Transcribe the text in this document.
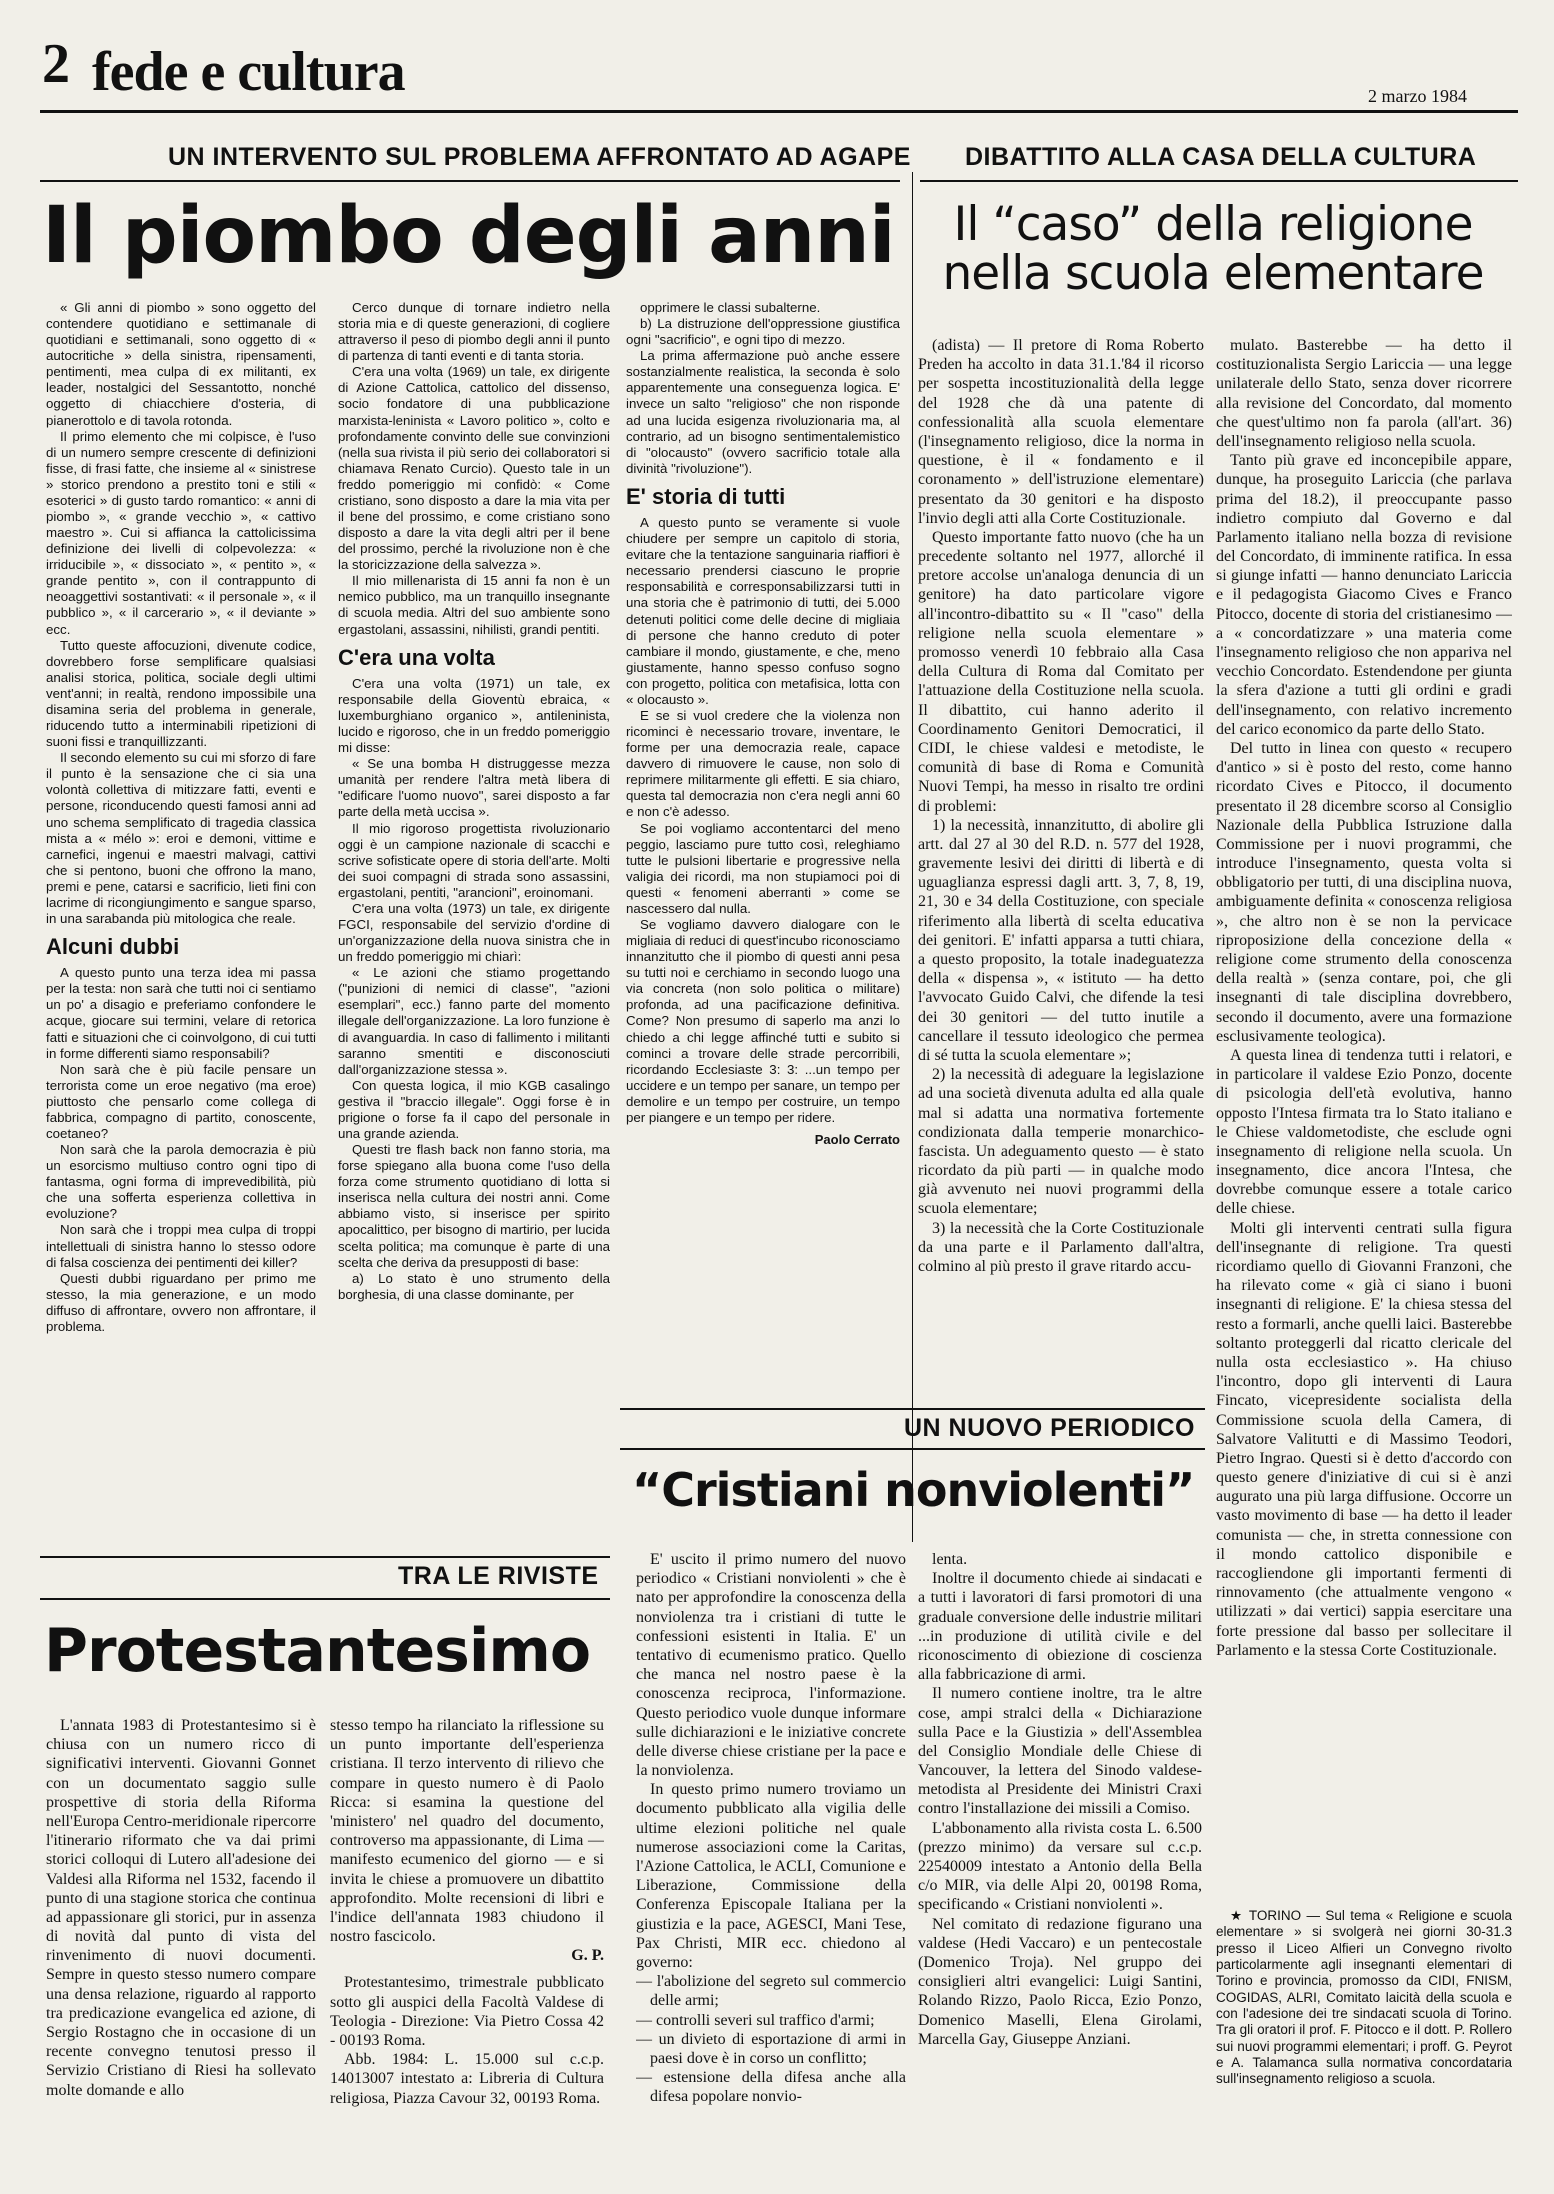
2 fede e cultura	2 marzo 1984
UN INTERVENTO SUL PROBLEMA AFFRONTATO AD AGAPE
Il piombo degli anni

« Gli anni di piombo » sono oggetto del contendere quotidiano e settimanale di quotidiani e settimanali, sono oggetto di « autocritiche » della sinistra, ripensamenti, pentimenti, mea culpa di ex militanti, ex leader, nostalgici del Sessantotto, nonché oggetto di chiacchiere d'osteria, di pianerottolo e di tavola rotonda.

Il primo elemento che mi colpisce, è l'uso di un numero sempre crescente di definizioni fisse, di frasi fatte, che insieme al « sinistrese » storico prendono a prestito toni e stili « esoterici » di gusto tardo romantico: « anni di piombo », « grande vecchio », « cattivo maestro ». Cui si affianca la cattolicissima definizione dei livelli di colpevolezza: « irriducibile », « dissociato », « pentito », « grande pentito », con il contrappunto di neoaggettivi sostantivati: « il personale », « il pubblico », « il carcerario », « il deviante » ecc.

Tutto queste affocuzioni, divenute codice, dovrebbero forse semplificare qualsiasi analisi storica, politica, sociale degli ultimi vent'anni; in realtà, rendono impossibile una disamina seria del problema in generale, riducendo tutto a interminabili ripetizioni di suoni fissi e tranquillizzanti.

Il secondo elemento su cui mi sforzo di fare il punto è la sensazione che ci sia una volontà collettiva di mitizzare fatti, eventi e persone, riconducendo questi famosi anni ad uno schema semplificato di tragedia classica mista a « mélo »: eroi e demoni, vittime e carnefici, ingenui e maestri malvagi, cattivi che si pentono, buoni che offrono la mano, premi e pene, catarsi e sacrificio, lieti fini con lacrime di ricongiungimento e sangue sparso, in una sarabanda più mitologica che reale.

Alcuni dubbi

A questo punto una terza idea mi passa per la testa: non sarà che tutti noi ci sentiamo un po' a disagio e preferiamo confondere le acque, giocare sui termini, velare di retorica fatti e situazioni che ci coinvolgono, di cui tutti in forme differenti siamo responsabili?

Non sarà che è più facile pensare un terrorista come un eroe negativo (ma eroe) piuttosto che pensarlo come collega di fabbrica, compagno di partito, conoscente, coetaneo?

Non sarà che la parola democrazia è più un esorcismo multiuso contro ogni tipo di fantasma, ogni forma di imprevedibilità, più che una sofferta esperienza collettiva in evoluzione?

Non sarà che i troppi mea culpa di troppi intellettuali di sinistra hanno lo stesso odore di falsa coscienza dei pentimenti dei killer?

Questi dubbi riguardano per primo me stesso, la mia generazione, e un modo diffuso di affrontare, ovvero non affrontare, il problema.

Cerco dunque di tornare indietro nella storia mia e di queste generazioni, di cogliere attraverso il peso di piombo degli anni il punto di partenza di tanti eventi e di tanta storia.

C'era una volta (1969) un tale, ex dirigente di Azione Cattolica, cattolico del dissenso, socio fondatore di una pubblicazione marxista-leninista « Lavoro politico », colto e profondamente convinto delle sue convinzioni (nella sua rivista il più serio dei collaboratori si chiamava Renato Curcio). Questo tale in un freddo pomeriggio mi confidò: « Come cristiano, sono disposto a dare la mia vita per il bene del prossimo, e come cristiano sono disposto a dare la vita degli altri per il bene del prossimo, perché la rivoluzione non è che la storicizzazione della salvezza ».

Il mio millenarista di 15 anni fa non è un nemico pubblico, ma un tranquillo insegnante di scuola media. Altri del suo ambiente sono ergastolani, assassini, nihilisti, grandi pentiti.

C'era una volta

C'era una volta (1971) un tale, ex responsabile della Gioventù ebraica, « luxemburghiano organico », antileninista, lucido e rigoroso, che in un freddo pomeriggio mi disse:

« Se una bomba H distruggesse mezza umanità per rendere l'altra metà libera di "edificare l'uomo nuovo", sarei disposto a far parte della metà uccisa ».

Il mio rigoroso progettista rivoluzionario oggi è un campione nazionale di scacchi e scrive sofisticate opere di storia dell'arte. Molti dei suoi compagni di strada sono assassini, ergastolani, pentiti, "arancioni", eroinomani.

C'era una volta (1973) un tale, ex dirigente FGCI, responsabile del servizio d'ordine di un'organizzazione della nuova sinistra che in un freddo pomeriggio mi chiarì:

« Le azioni che stiamo progettando ("punizioni di nemici di classe", "azioni esemplari", ecc.) fanno parte del momento illegale dell'organizzazione. La loro funzione è di avanguardia. In caso di fallimento i militanti saranno smentiti e disconosciuti dall'organizzazione stessa ».

Con questa logica, il mio KGB casalingo gestiva il "braccio illegale". Oggi forse è in prigione o forse fa il capo del personale in una grande azienda.

Questi tre flash back non fanno storia, ma forse spiegano alla buona come l'uso della forza come strumento quotidiano di lotta si inserisca nella cultura dei nostri anni. Come abbiamo visto, si inserisce per spirito apocalittico, per bisogno di martirio, per lucida scelta politica; ma comunque è parte di una scelta che deriva da presupposti di base:

a) Lo stato è uno strumento della borghesia, di una classe dominante, per

opprimere le classi subalterne.

b) La distruzione dell'oppressione giustifica ogni "sacrificio", e ogni tipo di mezzo.

La prima affermazione può anche essere sostanzialmente realistica, la seconda è solo apparentemente una conseguenza logica. E' invece un salto "religioso" che non risponde ad una lucida esigenza rivoluzionaria ma, al contrario, ad un bisogno sentimentalemistico di "olocausto" (ovvero sacrificio totale alla divinità "rivoluzione").

E' storia di tutti

A questo punto se veramente si vuole chiudere per sempre un capitolo di storia, evitare che la tentazione sanguinaria riaffiori è necessario prendersi ciascuno le proprie responsabilità e corresponsabilizzarsi tutti in una storia che è patrimonio di tutti, dei 5.000 detenuti politici come delle decine di migliaia di persone che hanno creduto di poter cambiare il mondo, giustamente, e che, meno giustamente, hanno spesso confuso sogno con progetto, politica con metafisica, lotta con « olocausto ».

E se si vuol credere che la violenza non ricominci è necessario trovare, inventare, le forme per una democrazia reale, capace davvero di rimuovere le cause, non solo di reprimere militarmente gli effetti. E sia chiaro, questa tal democrazia non c'era negli anni 60 e non c'è adesso.

Se poi vogliamo accontentarci del meno peggio, lasciamo pure tutto così, releghiamo tutte le pulsioni libertarie e progressive nella valigia dei ricordi, ma non stupiamoci poi di questi « fenomeni aberranti » come se nascessero dal nulla.

Se vogliamo davvero dialogare con le migliaia di reduci di quest'incubo riconosciamo innanzitutto che il piombo di questi anni pesa su tutti noi e cerchiamo in secondo luogo una via concreta (non solo politica o militare) profonda, ad una pacificazione definitiva. Come? Non presumo di saperlo ma anzi lo chiedo a chi legge affinché tutti e subito si cominci a trovare delle strade percorribili, ricordando Ecclesiaste 3: 3: ...un tempo per uccidere e un tempo per sanare, un tempo per demolire e un tempo per costruire, un tempo per piangere e un tempo per ridere.

Paolo Cerrato
DIBATTITO ALLA CASA DELLA CULTURA
Il “caso” della religione nella scuola elementare

(adista) — Il pretore di Roma Roberto Preden ha accolto in data 31.1.'84 il ricorso per sospetta incostituzionalità della legge del 1928 che dà una patente di confessionalità alla scuola elementare (l'insegnamento religioso, dice la norma in questione, è il « fondamento e il coronamento » dell'istruzione elementare) presentato da 30 genitori e ha disposto l'invio degli atti alla Corte Costituzionale.

Questo importante fatto nuovo (che ha un precedente soltanto nel 1977, allorché il pretore accolse un'analoga denuncia di un genitore) ha dato particolare vigore all'incontro-dibattito su « Il "caso" della religione nella scuola elementare » promosso venerdì 10 febbraio alla Casa della Cultura di Roma dal Comitato per l'attuazione della Costituzione nella scuola. Il dibattito, cui hanno aderito il Coordinamento Genitori Democratici, il CIDI, le chiese valdesi e metodiste, le comunità di base di Roma e Comunità Nuovi Tempi, ha messo in risalto tre ordini di problemi:

1) la necessità, innanzitutto, di abolire gli artt. dal 27 al 30 del R.D. n. 577 del 1928, gravemente lesivi dei diritti di libertà e di uguaglianza espressi dagli artt. 3, 7, 8, 19, 21, 30 e 34 della Costituzione, con speciale riferimento alla libertà di scelta educativa dei genitori. E' infatti apparsa a tutti chiara, a questo proposito, la totale inadeguatezza della « dispensa », « istituto — ha detto l'avvocato Guido Calvi, che difende la tesi dei 30 genitori — del tutto inutile a cancellare il tessuto ideologico che permea di sé tutta la scuola elementare »;

2) la necessità di adeguare la legislazione ad una società divenuta adulta ed alla quale mal si adatta una normativa fortemente condizionata dalla temperie monarchico-fascista. Un adeguamento questo — è stato ricordato da più parti — in qualche modo già avvenuto nei nuovi programmi della scuola elementare;

3) la necessità che la Corte Costituzionale da una parte e il Parlamento dall'altra, colmino al più presto il grave ritardo accu-

mulato. Basterebbe — ha detto il costituzionalista Sergio Lariccia — una legge unilaterale dello Stato, senza dover ricorrere alla revisione del Concordato, dal momento che quest'ultimo non fa parola (all'art. 36) dell'insegnamento religioso nella scuola.

Tanto più grave ed inconcepibile appare, dunque, ha proseguito Lariccia (che parlava prima del 18.2), il preoccupante passo indietro compiuto dal Governo e dal Parlamento italiano nella bozza di revisione del Concordato, di imminente ratifica. In essa si giunge infatti — hanno denunciato Lariccia e il pedagogista Giacomo Cives e Franco Pitocco, docente di storia del cristianesimo — a « concordatizzare » una materia come l'insegnamento religioso che non appariva nel vecchio Concordato. Estendendone per giunta la sfera d'azione a tutti gli ordini e gradi dell'insegnamento, con relativo incremento del carico economico da parte dello Stato.

Del tutto in linea con questo « recupero d'antico » si è posto del resto, come hanno ricordato Cives e Pitocco, il documento presentato il 28 dicembre scorso al Consiglio Nazionale della Pubblica Istruzione dalla Commissione per i nuovi programmi, che introduce l'insegnamento, questa volta si obbligatorio per tutti, di una disciplina nuova, ambiguamente definita « conoscenza religiosa », che altro non è se non la pervicace riproposizione della concezione della « religione come strumento della conoscenza della realtà » (senza contare, poi, che gli insegnanti di tale disciplina dovrebbero, secondo il documento, avere una formazione esclusivamente teologica).

A questa linea di tendenza tutti i relatori, e in particolare il valdese Ezio Ponzo, docente di psicologia dell'età evolutiva, hanno opposto l'Intesa firmata tra lo Stato italiano e le Chiese valdometodiste, che esclude ogni insegnamento di religione nella scuola. Un insegnamento, dice ancora l'Intesa, che dovrebbe comunque essere a totale carico delle chiese.

Molti gli interventi centrati sulla figura dell'insegnante di religione. Tra questi ricordiamo quello di Giovanni Franzoni, che ha rilevato come « già ci siano i buoni insegnanti di religione. E' la chiesa stessa del resto a formarli, anche quelli laici. Basterebbe soltanto proteggerli dal ricatto clericale del nulla osta ecclesiastico ». Ha chiuso l'incontro, dopo gli interventi di Laura Fincato, vicepresidente socialista della Commissione scuola della Camera, di Salvatore Valitutti e di Massimo Teodori, Pietro Ingrao. Questi si è detto d'accordo con questo genere d'iniziative di cui si è anzi augurato una più larga diffusione. Occorre un vasto movimento di base — ha detto il leader comunista — che, in stretta connessione con il mondo cattolico disponibile e raccogliendone gli importanti fermenti di rinnovamento (che attualmente vengono « utilizzati » dai vertici) sappia esercitare una forte pressione dal basso per sollecitare il Parlamento e la stessa Corte Costituzionale.

★ TORINO — Sul tema « Religione e scuola elementare » si svolgerà nei giorni 30-31.3 presso il Liceo Alfieri un Convegno rivolto particolarmente agli insegnanti elementari di Torino e provincia, promosso da CIDI, FNISM, COGIDAS, ALRI, Comitato laicità della scuola e con l'adesione dei tre sindacati scuola di Torino. Tra gli oratori il prof. F. Pitocco e il dott. P. Rollero sui nuovi programmi elementari; i proff. G. Peyrot e A. Talamanca sulla normativa concordataria sull'insegnamento religioso a scuola.

UN NUOVO PERIODICO
“Cristiani nonviolenti”

E' uscito il primo numero del nuovo periodico « Cristiani nonviolenti » che è nato per approfondire la conoscenza della nonviolenza tra i cristiani di tutte le confessioni esistenti in Italia. E' un tentativo di ecumenismo pratico. Quello che manca nel nostro paese è la conoscenza reciproca, l'informazione. Questo periodico vuole dunque informare sulle dichiarazioni e le iniziative concrete delle diverse chiese cristiane per la pace e la nonviolenza.

In questo primo numero troviamo un documento pubblicato alla vigilia delle ultime elezioni politiche nel quale numerose associazioni come la Caritas, l'Azione Cattolica, le ACLI, Comunione e Liberazione, Commissione della Conferenza Episcopale Italiana per la giustizia e la pace, AGESCI, Mani Tese, Pax Christi, MIR ecc. chiedono al governo:

— l'abolizione del segreto sul commercio delle armi;
— controlli severi sul traffico d'armi;
— un divieto di esportazione di armi in paesi dove è in corso un conflitto;
— estensione della difesa anche alla difesa popolare nonvio-

lenta.

Inoltre il documento chiede ai sindacati e a tutti i lavoratori di farsi promotori di una graduale conversione delle industrie militari ...in produzione di utilità civile e del riconoscimento di obiezione di coscienza alla fabbricazione di armi.

Il numero contiene inoltre, tra le altre cose, ampi stralci della « Dichiarazione sulla Pace e la Giustizia » dell'Assemblea del Consiglio Mondiale delle Chiese di Vancouver, la lettera del Sinodo valdese-metodista al Presidente dei Ministri Craxi contro l'installazione dei missili a Comiso.

L'abbonamento alla rivista costa L. 6.500 (prezzo minimo) da versare sul c.c.p. 22540009 intestato a Antonio della Bella c/o MIR, via delle Alpi 20, 00198 Roma, specificando « Cristiani nonviolenti ».

Nel comitato di redazione figurano una valdese (Hedi Vaccaro) e un pentecostale (Domenico Troja). Nel gruppo dei consiglieri altri evangelici: Luigi Santini, Rolando Rizzo, Paolo Ricca, Ezio Ponzo, Domenico Maselli, Elena Girolami, Marcella Gay, Giuseppe Anziani.

TRA LE RIVISTE
Protestantesimo

L'annata 1983 di Protestantesimo si è chiusa con un numero ricco di significativi interventi. Giovanni Gonnet con un documentato saggio sulle prospettive di storia della Riforma nell'Europa Centro-meridionale ripercorre l'itinerario riformato che va dai primi storici colloqui di Lutero all'adesione dei Valdesi alla Riforma nel 1532, facendo il punto di una stagione storica che continua ad appassionare gli storici, pur in assenza di novità dal punto di vista del rinvenimento di nuovi documenti. Sempre in questo stesso numero compare una densa relazione, riguardo al rapporto tra predicazione evangelica ed azione, di Sergio Rostagno che in occasione di un recente convegno tenutosi presso il Servizio Cristiano di Riesi ha sollevato molte domande e allo

stesso tempo ha rilanciato la riflessione su un punto importante dell'esperienza cristiana. Il terzo intervento di rilievo che compare in questo numero è di Paolo Ricca: si esamina la questione del 'ministero' nel quadro del documento, controverso ma appassionante, di Lima — manifesto ecumenico del giorno — e si invita le chiese a promuovere un dibattito approfondito. Molte recensioni di libri e l'indice dell'annata 1983 chiudono il nostro fascicolo.

G. P.

Protestantesimo, trimestrale pubblicato sotto gli auspici della Facoltà Valdese di Teologia - Direzione: Via Pietro Cossa 42 - 00193 Roma.

Abb. 1984: L. 15.000 sul c.c.p. 14013007 intestato a: Libreria di Cultura religiosa, Piazza Cavour 32, 00193 Roma.
